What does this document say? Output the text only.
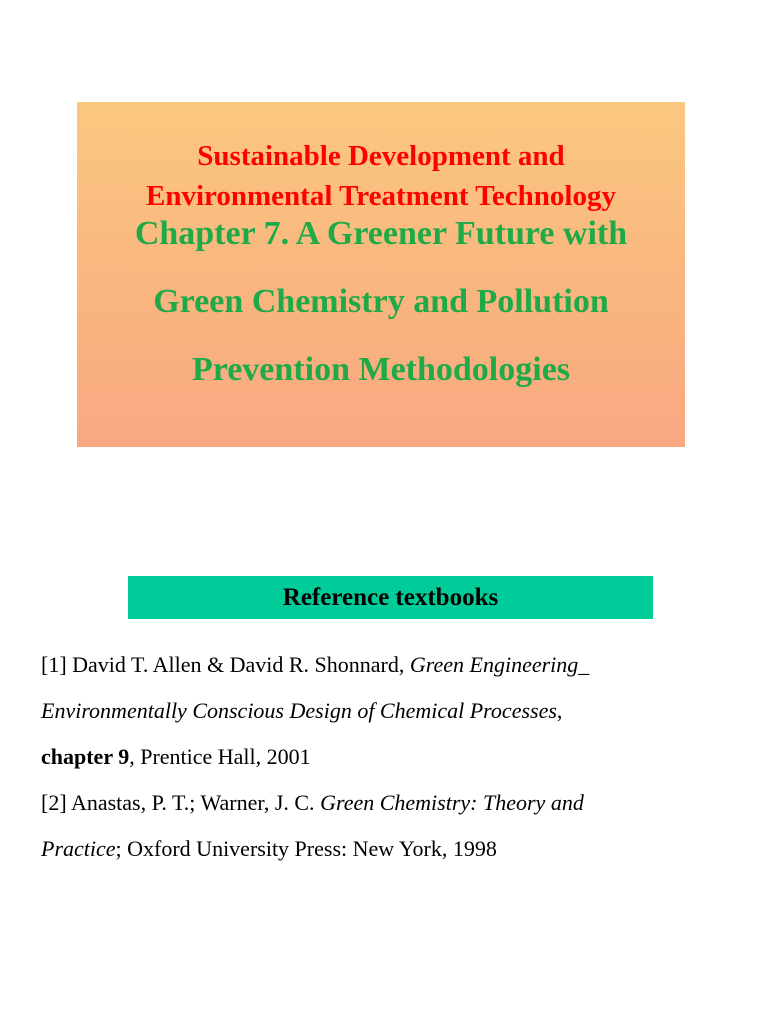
Sustainable Development and
Environmental Treatment Technology
Chapter 7. A Greener Future with
Green Chemistry and Pollution
Prevention Methodologies
Reference textbooks
[1] David T. Allen & David R. Shonnard, Green Engineering_
Environmentally Conscious Design of Chemical Processes,
chapter 9, Prentice Hall, 2001
[2] Anastas, P. T.; Warner, J. C. Green Chemistry: Theory and
Practice; Oxford University Press: New York, 1998
